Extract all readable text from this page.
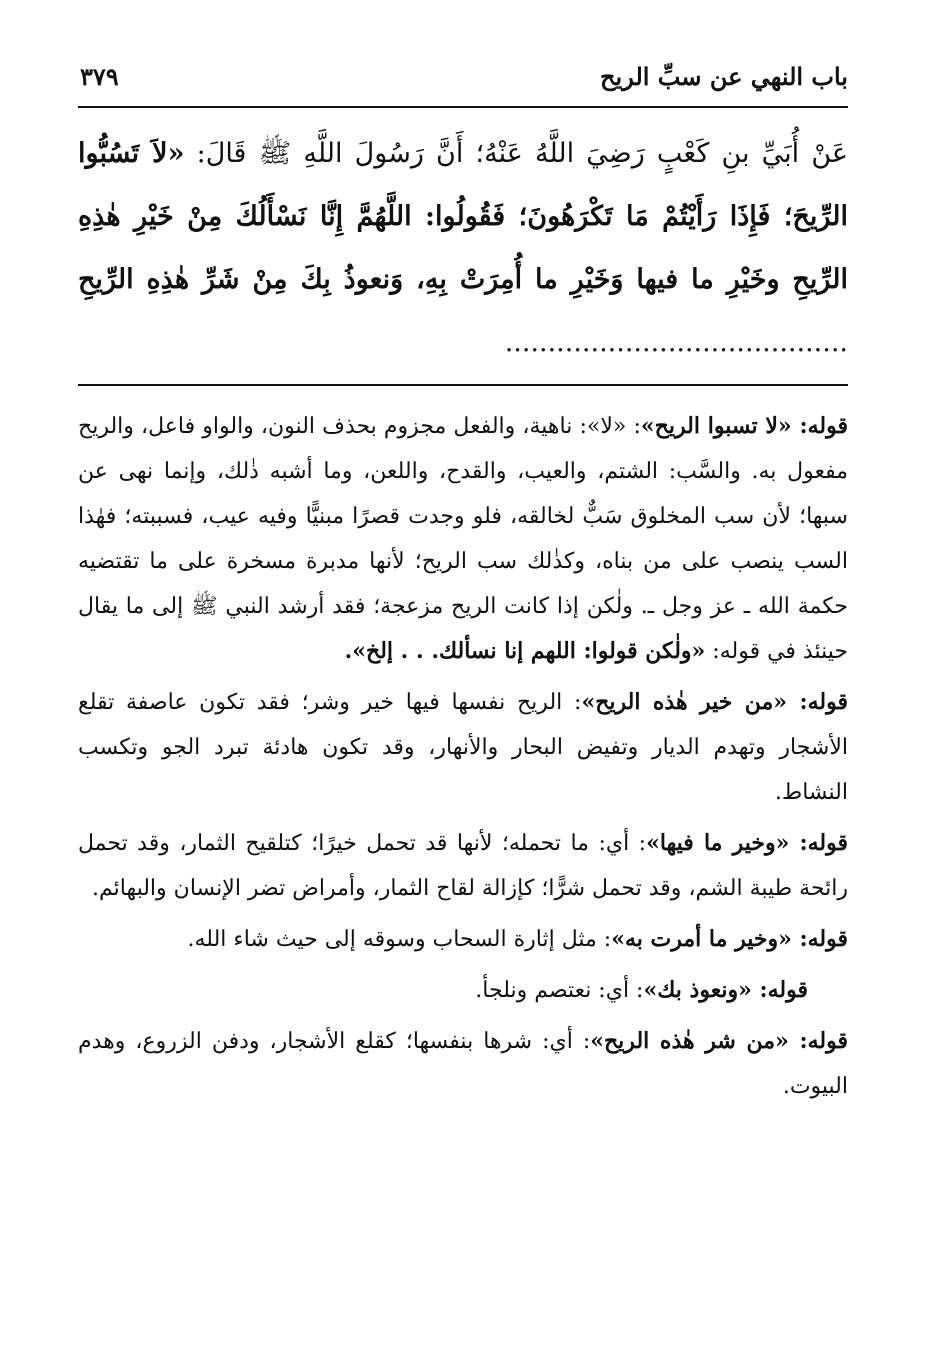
باب النهي عن سبِّ الريح
٣٧٩
عَنْ أُبَيِّ بنِ كَعْبٍ رَضِيَ اللَّهُ عَنْهُ؛ أَنَّ رَسُولَ اللَّهِ ﷺ قَالَ: «لاَ تَسُبُّوا الرِّيحَ؛ فَإِذَا رَأَيْتُمْ مَا تَكْرَهُونَ؛ فَقُولُوا: اللَّهُمَّ إِنَّا نَسْأَلُكَ مِنْ خَيْرِ هٰذِهِ الرِّيحِ وخَيْرِ ما فيها وَخَيْرِ ما أُمِرَتْ بِهِ، وَنعوذُ بِكَ مِنْ شَرِّ هٰذِهِ الرِّيحِ ........................................

قوله: «لا تسبوا الريح»: «لا»: ناهية، والفعل مجزوم بحذف النون، والواو فاعل، والريح مفعول به. والسَّب: الشتم، والعيب، والقدح، واللعن، وما أشبه ذٰلك، وإنما نهى عن سبها؛ لأن سب المخلوق سَبٌّ لخالقه، فلو وجدت قصرًا مبنيًّا وفيه عيب، فسببته؛ فهٰذا السب ينصب على من بناه، وكذٰلك سب الريح؛ لأنها مدبرة مسخرة على ما تقتضيه حكمة الله ـ عز وجل ـ. ولٰكن إذا كانت الريح مزعجة؛ فقد أرشد النبي ﷺ إلى ما يقال حينئذ في قوله: «ولٰكن قولوا: اللهم إنا نسألك. . . إلخ».

قوله: «من خير هٰذه الريح»: الريح نفسها فيها خير وشر؛ فقد تكون عاصفة تقلع الأشجار وتهدم الديار وتفيض البحار والأنهار، وقد تكون هادئة تبرد الجو وتكسب النشاط.

قوله: «وخير ما فيها»: أي: ما تحمله؛ لأنها قد تحمل خيرًا؛ كتلقيح الثمار، وقد تحمل رائحة طيبة الشم، وقد تحمل شرًّا؛ كإزالة لقاح الثمار، وأمراض تضر الإنسان والبهائم.

قوله: «وخير ما أمرت به»: مثل إثارة السحاب وسوقه إلى حيث شاء الله.

قوله: «ونعوذ بك»: أي: نعتصم ونلجأ.

قوله: «من شر هٰذه الريح»: أي: شرها بنفسها؛ كقلع الأشجار، ودفن الزروع، وهدم البيوت.
